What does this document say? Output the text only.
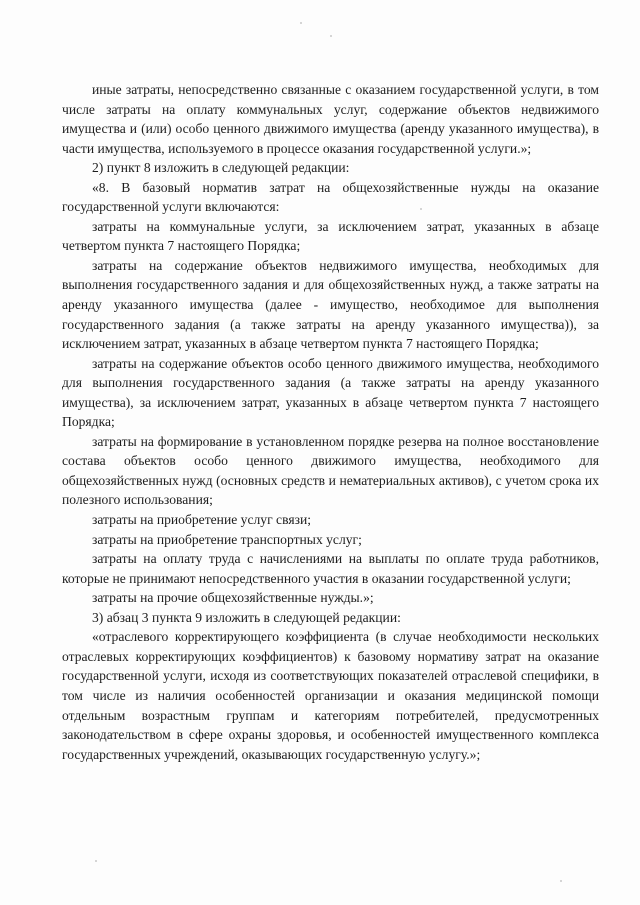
иные затраты, непосредственно связанные с оказанием государственной услуги, в том числе затраты на оплату коммунальных услуг, содержание объектов недвижимого имущества и (или) особо ценного движимого имущества (аренду указанного имущества), в части имущества, используемого в процессе оказания государственной услуги.»;

2) пункт 8 изложить в следующей редакции:

«8. В базовый норматив затрат на общехозяйственные нужды на оказание государственной услуги включаются:

затраты на коммунальные услуги, за исключением затрат, указанных в абзаце четвертом пункта 7 настоящего Порядка;

затраты на содержание объектов недвижимого имущества, необходимых для выполнения государственного задания и для общехозяйственных нужд, а также затраты на аренду указанного имущества (далее - имущество, необходимое для выполнения государственного задания (а также затраты на аренду указанного имущества)), за исключением затрат, указанных в абзаце четвертом пункта 7 настоящего Порядка;

затраты на содержание объектов особо ценного движимого имущества, необходимого для выполнения государственного задания (а также затраты на аренду указанного имущества), за исключением затрат, указанных в абзаце четвертом пункта 7 настоящего Порядка;

затраты на формирование в установленном порядке резерва на полное восстановление состава объектов особо ценного движимого имущества, необходимого для общехозяйственных нужд (основных средств и нематериальных активов), с учетом срока их полезного использования;

затраты на приобретение услуг связи;

затраты на приобретение транспортных услуг;

затраты на оплату труда с начислениями на выплаты по оплате труда работников, которые не принимают непосредственного участия в оказании государственной услуги;

затраты на прочие общехозяйственные нужды.»;

3) абзац 3 пункта 9 изложить в следующей редакции:

«отраслевого корректирующего коэффициента (в случае необходимости нескольких отраслевых корректирующих коэффициентов) к базовому нормативу затрат на оказание государственной услуги, исходя из соответствующих показателей отраслевой специфики, в том числе из наличия особенностей организации и оказания медицинской помощи отдельным возрастным группам и категориям потребителей, предусмотренных законодательством в сфере охраны здоровья, и особенностей имущественного комплекса государственных учреждений, оказывающих государственную услугу.»;
